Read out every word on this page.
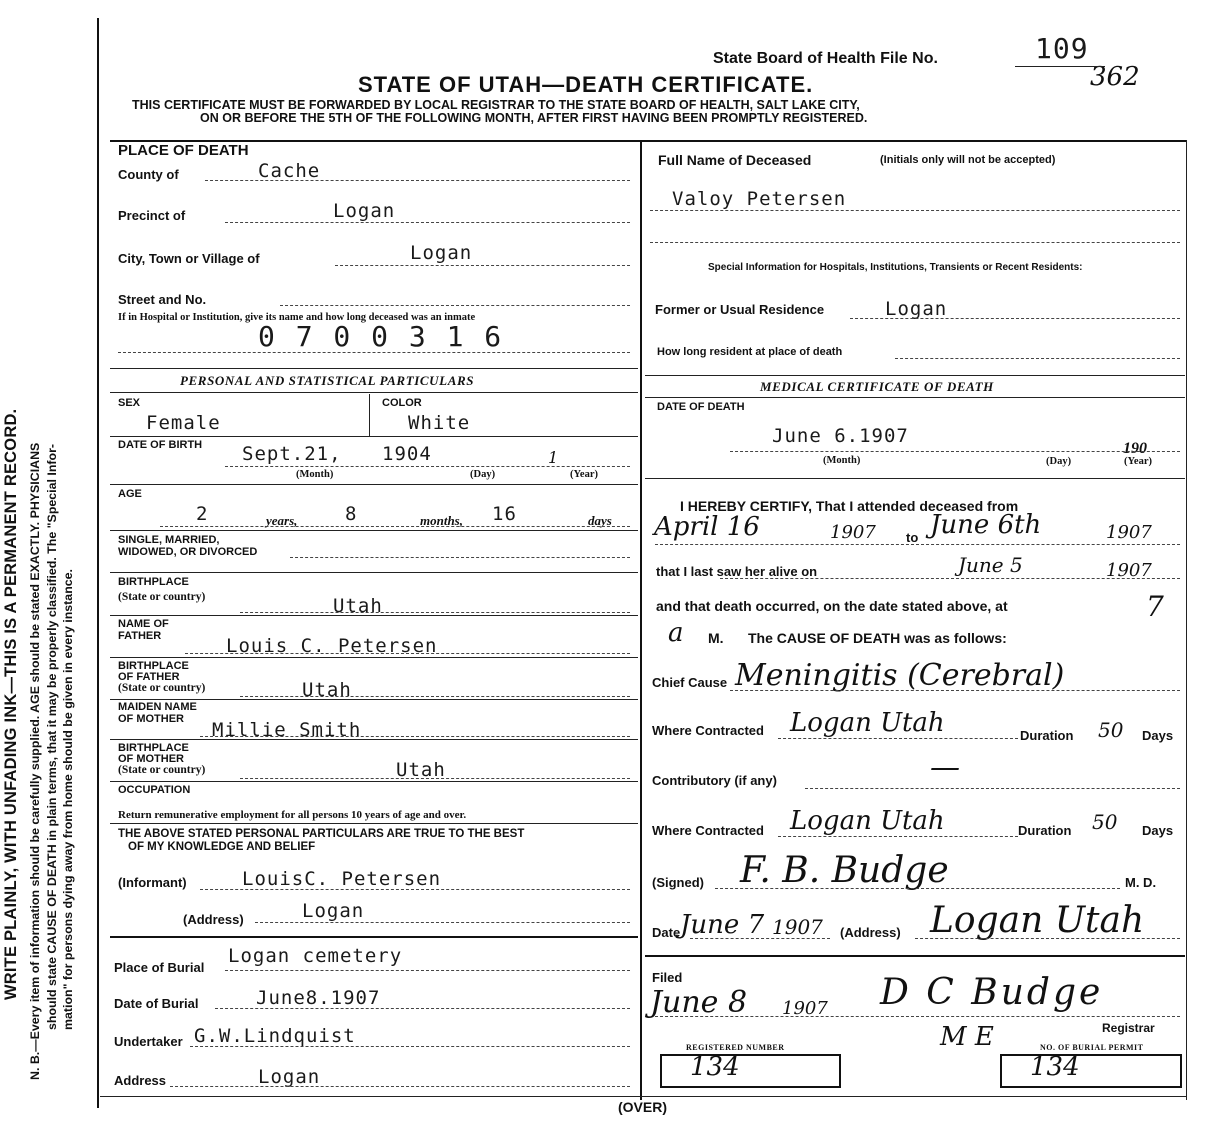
WRITE PLAINLY, WITH UNFADING INK—THIS IS A PERMANENT RECORD. N. B.—Every item of information should be carefully supplied. AGE should be stated EXACTLY. PHYSICIANS should state CAUSE OF DEATH in plain terms, that it may be properly classified. The "Special Infor- mation" for persons dying away from home should be given in every instance.
State Board of Health File No.	109
362
STATE OF UTAH—DEATH CERTIFICATE.
THIS CERTIFICATE MUST BE FORWARDED BY LOCAL REGISTRAR TO THE STATE BOARD OF HEALTH, SALT LAKE CITY,
ON OR BEFORE THE 5TH OF THE FOLLOWING MONTH, AFTER FIRST HAVING BEEN PROMPTLY REGISTERED.
PLACE OF DEATH
County of	Cache
Precinct of	Logan
City, Town or Village of	Logan
Street and No.
If in Hospital or Institution, give its name and how long deceased was an inmate
0 7 0 0 3 1 6
Full Name of Deceased	(Initials only will not be accepted)
Valoy Petersen
Special Information for Hospitals, Institutions, Transients or Recent Residents:
Former or Usual Residence	Logan
How long resident at place of death
PERSONAL AND STATISTICAL PARTICULARS
SEX
Female
COLOR
White
DATE OF BIRTH Sept.21, 1904	1
(Month)	(Day)	(Year)
AGE
2	years,	8	months, 16	days
SINGLE, MARRIED,
WIDOWED, OR DIVORCED
BIRTHPLACE
(State or country)	Utah
NAME OF
FATHER	Louis C. Petersen
BIRTHPLACE
OF FATHER
(State or country)	Utah
MAIDEN NAME
OF MOTHER Millie Smith
BIRTHPLACE
OF MOTHER
(State or country)	Utah
OCCUPATION
Return remunerative employment for all persons 10 years of age and over.
THE ABOVE STATED PERSONAL PARTICULARS ARE TRUE TO THE BEST
OF MY KNOWLEDGE AND BELIEF
(Informant)	LouisC. Petersen
(Address)	Logan
Place of Burial
Logan cemetery
Date of Burial	June8.1907
Undertaker G.W.Lindquist
Address	Logan
MEDICAL CERTIFICATE OF DEATH
DATE OF DEATH
June 6.1907
190
(Month)	(Day)	(Year)
I HEREBY CERTIFY, That I attended deceased from
April 16	1907 to June 6th	1907
that I last saw her alive on	June 5	1907
and that death occurred, on the date stated above, at	7
a M. The CAUSE OF DEATH was as follows:
Chief Cause Meningitis (Cerebral)
Where Contracted Logan Utah	Duration 50 Days
Contributory (if any)	—
Where Contracted Logan Utah	Duration 50 Days
(Signed) F. B. Budge	M. D.
Date June 7 1907 (Address) Logan Utah
Filed
June 8 1907 D C Budge
Registrar
M E
REGISTERED NUMBER
134
NO. OF BURIAL PERMIT
134
(OVER)
